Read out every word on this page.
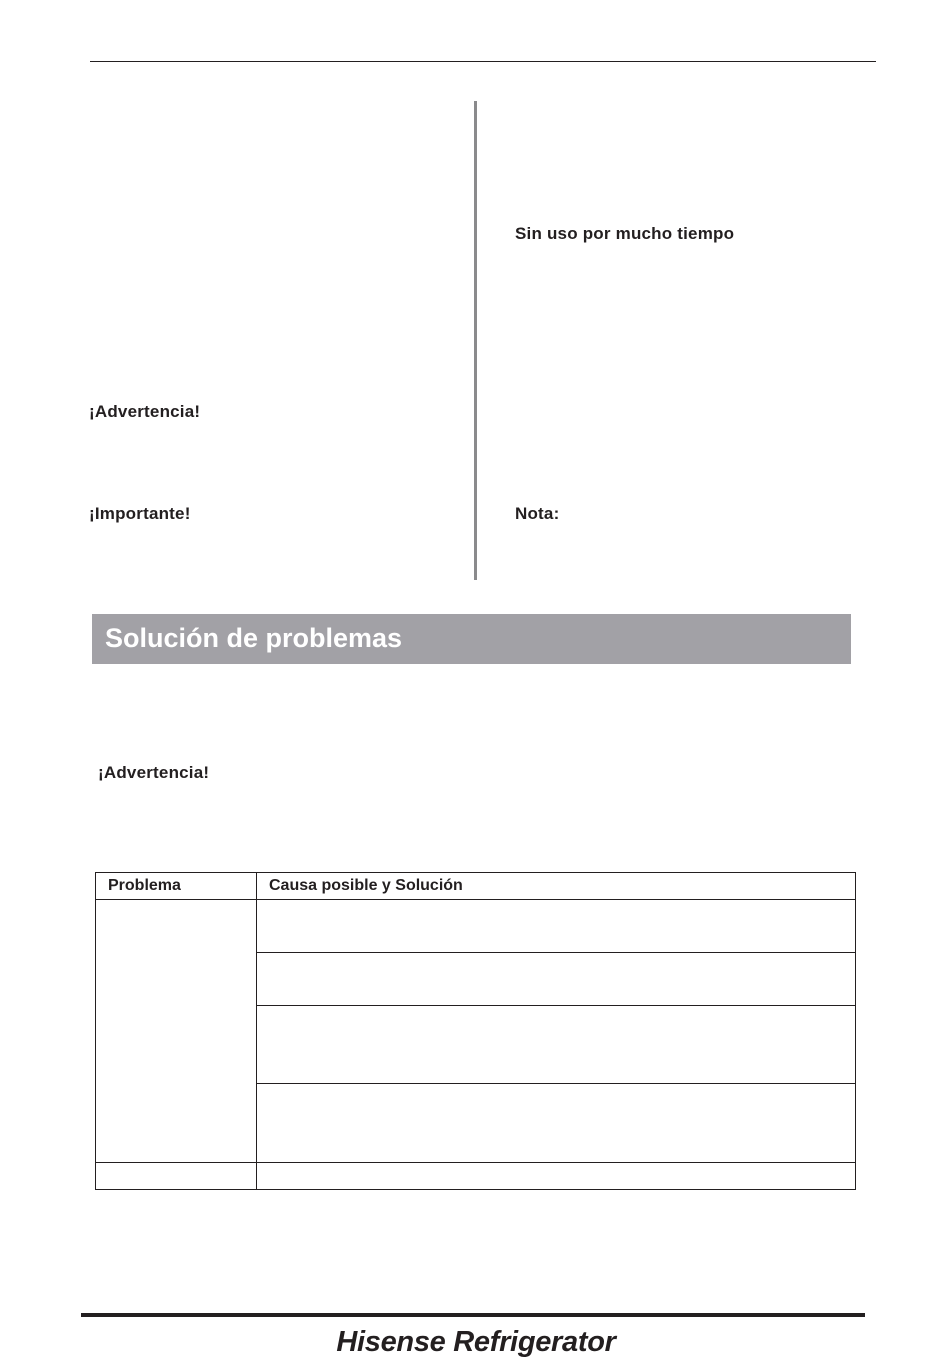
Sin uso por mucho tiempo
¡Advertencia!
¡Importante!	Nota:
Solución de problemas
¡Advertencia!
Problema	Causa posible y Solución

Hisense Refrigerator
